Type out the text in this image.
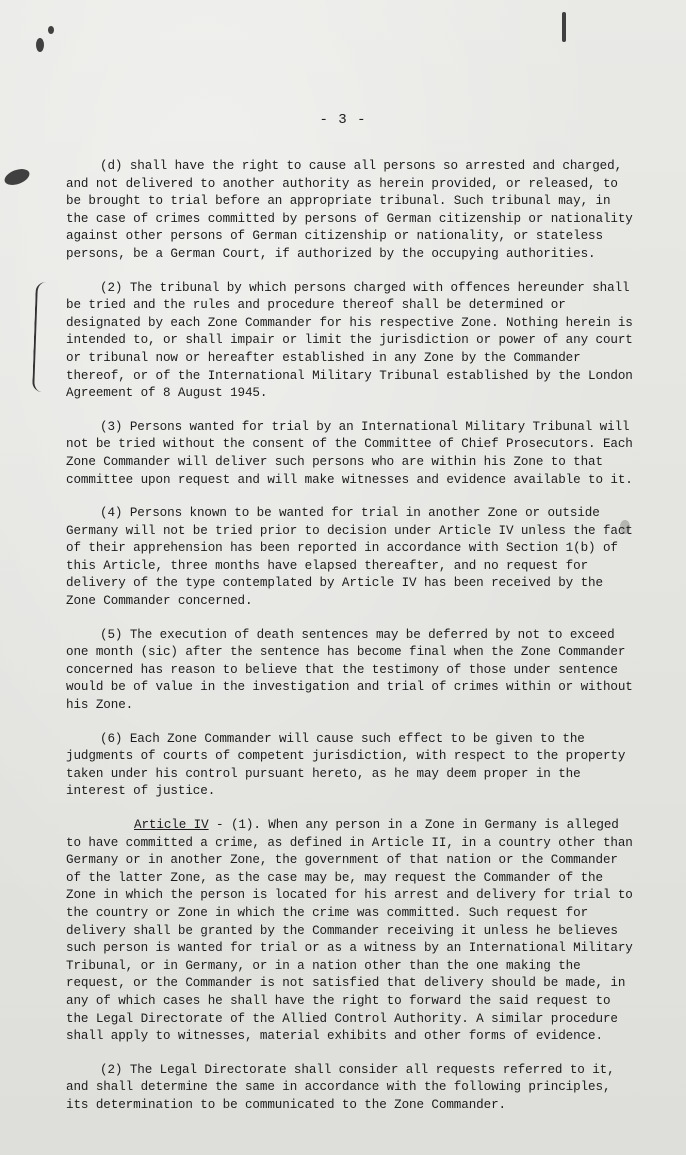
- 3 -

(d) shall have the right to cause all persons so arrested and charged, and not delivered to another authority as herein provided, or released, to be brought to trial before an appropriate tribunal. Such tribunal may, in the case of crimes committed by persons of German citizenship or nationality against other persons of German citizenship or nationality, or stateless persons, be a German Court, if authorized by the occupying authorities.

(2) The tribunal by which persons charged with offences hereunder shall be tried and the rules and procedure thereof shall be determined or designated by each Zone Commander for his respective Zone. Nothing herein is intended to, or shall impair or limit the jurisdiction or power of any court or tribunal now or hereafter established in any Zone by the Commander thereof, or of the International Military Tribunal established by the London Agreement of 8 August 1945.

(3) Persons wanted for trial by an International Military Tribunal will not be tried without the consent of the Committee of Chief Prosecutors. Each Zone Commander will deliver such persons who are within his Zone to that committee upon request and will make witnesses and evidence available to it.

(4) Persons known to be wanted for trial in another Zone or outside Germany will not be tried prior to decision under Article IV unless the fact of their apprehension has been reported in accordance with Section 1(b) of this Article, three months have elapsed thereafter, and no request for delivery of the type contemplated by Article IV has been received by the Zone Commander concerned.

(5) The execution of death sentences may be deferred by not to exceed one month (sic) after the sentence has become final when the Zone Commander concerned has reason to believe that the testimony of those under sentence would be of value in the investigation and trial of crimes within or without his Zone.

(6) Each Zone Commander will cause such effect to be given to the judgments of courts of competent jurisdiction, with respect to the property taken under his control pursuant hereto, as he may deem proper in the interest of justice.

Article IV - (1). When any person in a Zone in Germany is alleged to have committed a crime, as defined in Article II, in a country other than Germany or in another Zone, the government of that nation or the Commander of the latter Zone, as the case may be, may request the Commander of the Zone in which the person is located for his arrest and delivery for trial to the country or Zone in which the crime was committed. Such request for delivery shall be granted by the Commander receiving it unless he believes such person is wanted for trial or as a witness by an International Military Tribunal, or in Germany, or in a nation other than the one making the request, or the Commander is not satisfied that delivery should be made, in any of which cases he shall have the right to forward the said request to the Legal Directorate of the Allied Control Authority. A similar procedure shall apply to witnesses, material exhibits and other forms of evidence.

(2) The Legal Directorate shall consider all requests referred to it, and shall determine the same in accordance with the following principles, its determination to be communicated to the Zone Commander.
